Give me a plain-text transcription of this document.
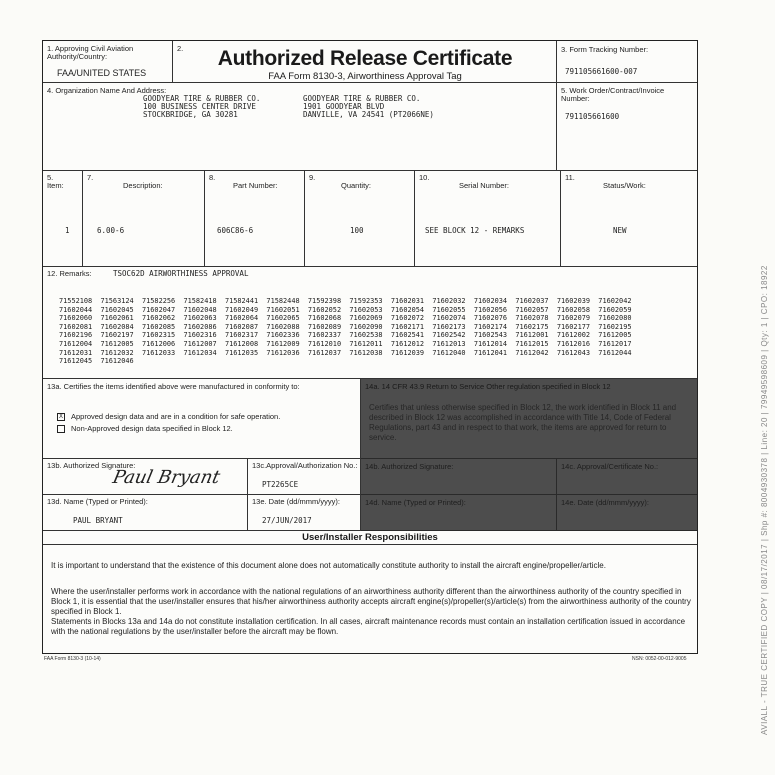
1. Approving Civil Aviation Authority/Country:
FAA/UNITED STATES
2.	Authorized Release Certificate
FAA Form 8130-3, Airworthiness Approval Tag
3. Form Tracking Number:
791105661600-007
4. Organization Name And Address:
GOODYEAR TIRE & RUBBER CO.
100 BUSINESS CENTER DRIVE
STOCKBRIDGE, GA 30281
GOODYEAR TIRE & RUBBER CO.
1901 GOODYEAR BLVD
DANVILLE, VA 24541 (PT2066NE)
5. Work Order/Contract/Invoice Number:
791105661600
5.
Item:
1
7.
Description:
6.00-6
8.
Part Number:
606C86-6
9.
Quantity:
100
10.
Serial Number:
SEE BLOCK 12 - REMARKS
11.
Status/Work:
NEW
12. Remarks:	TSOC62D AIRWORTHINESS APPROVAL
71552108  71563124  71582256  71582418  71582441  71582448  71592398  71592353  71602031  71602032  71602034  71602037  71602039  71602042
71602044  71602045  71602047  71602048  71602049  71602051  71602052  71602053  71602054  71602055  71602056  71602057  71602058  71602059
71602060  71602061  71602062  71602063  71602064  71602065  71602068  71602069  71602072  71602074  71602076  71602078  71602079  71602080
71602081  71602084  71602085  71602086  71602087  71602088  71602089  71602090  71602171  71602173  71602174  71602175  71602177  71602195
71602196  71602197  71602315  71602316  71602317  71602336  71602337  71602538  71602541  71602542  71602543  71612001  71612002  71612005
71612004  71612005  71612006  71612007  71612008  71612009  71612010  71612011  71612012  71612013  71612014  71612015  71612016  71612017
71612031  71612032  71612033  71612034  71612035  71612036  71612037  71612038  71612039  71612040  71612041  71612042  71612043  71612044
71612045  71612046
13a. Certifies the items identified above were manufactured in conformity to:
X Approved design data and are in a condition for safe operation.
Non-Approved design data specified in Block 12.
14a. 14 CFR 43.9 Return to Service Other regulation specified in Block 12
Certifies that unless otherwise specified in Block 12, the work identified in Block 11 and described in Block 12 was accomplished in accordance with Title 14, Code of Federal Regulations, part 43 and in respect to that work, the items are approved for return to service.
13b. Authorized Signature:
Paul Bryant
13c.Approval/Authorization No.:
PT2265CE
14b. Authorized Signature:	14c. Approval/Certificate No.:
13d. Name (Typed or Printed):
PAUL BRYANT
13e. Date (dd/mmm/yyyy):
27/JUN/2017
14d. Name (Typed or Printed):	14e. Date (dd/mmm/yyyy):
User/Installer Responsibilities
It is important to understand that the existence of this document alone does not automatically constitute authority to install the aircraft engine/propeller/article.
Where the user/installer performs work in accordance with the national regulations of an airworthiness authority different than the airworthiness authority of the country specified in Block 1, it is essential that the user/installer ensures that his/her airworthiness authority accepts aircraft engine(s)/propeller(s)/article(s) from the airworthiness authority of the country specified in Block 1.
Statements in Blocks 13a and 14a do not constitute installation certification. In all cases, aircraft maintenance records must contain an installation certification issued in accordance with the national regulations by the user/installer before the aircraft may be flown.
FAA Form 8130-3 (10-14)	NSN: 0052-00-012-9005	AVIALL - TRUE CERTIFIED COPY | 08/17/2017 | Shp #: 8004930378 | Line: 20 | 79949598609 | Qty: 1 | CPO: 18922
